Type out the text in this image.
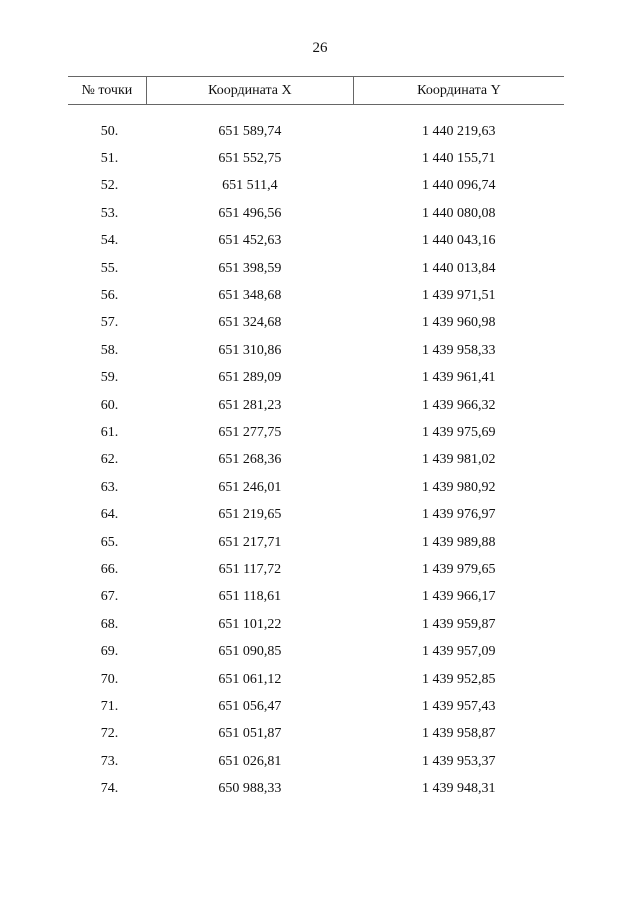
26
№ точки	Координата X	Координата Y

50.	651 589,74	1 440 219,63
51.	651 552,75	1 440 155,71
52.	651 511,4	1 440 096,74
53.	651 496,56	1 440 080,08
54.	651 452,63	1 440 043,16
55.	651 398,59	1 440 013,84
56.	651 348,68	1 439 971,51
57.	651 324,68	1 439 960,98
58.	651 310,86	1 439 958,33
59.	651 289,09	1 439 961,41
60.	651 281,23	1 439 966,32
61.	651 277,75	1 439 975,69
62.	651 268,36	1 439 981,02
63.	651 246,01	1 439 980,92
64.	651 219,65	1 439 976,97
65.	651 217,71	1 439 989,88
66.	651 117,72	1 439 979,65
67.	651 118,61	1 439 966,17
68.	651 101,22	1 439 959,87
69.	651 090,85	1 439 957,09
70.	651 061,12	1 439 952,85
71.	651 056,47	1 439 957,43
72.	651 051,87	1 439 958,87
73.	651 026,81	1 439 953,37
74.	650 988,33	1 439 948,31
